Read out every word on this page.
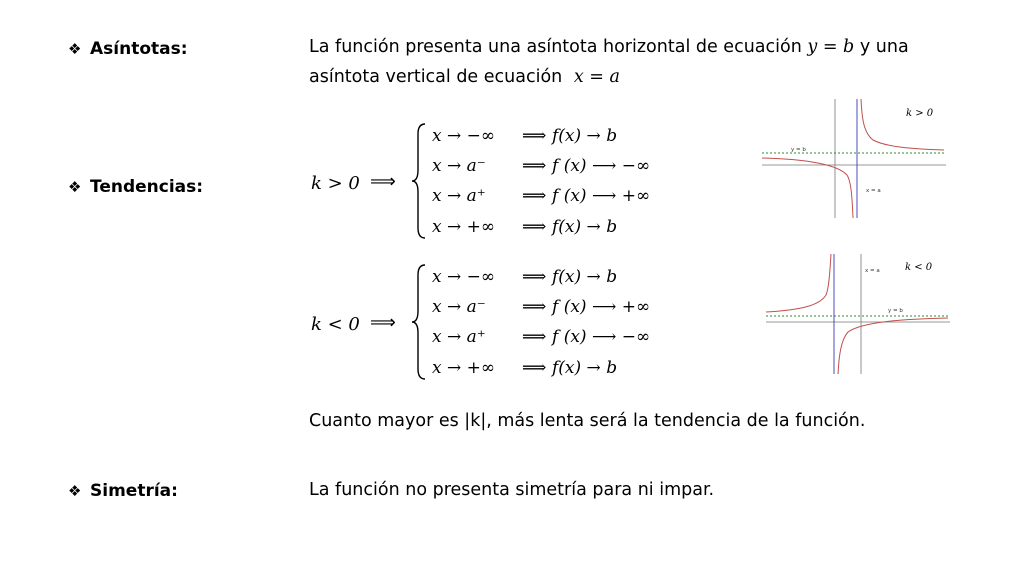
❖ Asíntotas:	La función presenta una asíntota horizontal de ecuación y = b y una
asíntota vertical de ecuación x = a
❖ Tendencias:	k > 0 ⟹
x → −∞ ⟹ f(x) → b
x → a⁻ ⟹ f (x) ⟶ −∞
x → a⁺ ⟹ f (x) ⟶ +∞
x → +∞ ⟹ f(x) → b
y = b
x = a
k > 0
k < 0 ⟹
x → −∞ ⟹ f(x) → b
x → a⁻ ⟹ f (x) ⟶ +∞
x → a⁺ ⟹ f (x) ⟶ −∞
x → +∞ ⟹ f(x) → b
x = a
y = b
k < 0
Cuanto mayor es |k|, más lenta será la tendencia de la función.
❖ Simetría:	La función no presenta simetría para ni impar.
